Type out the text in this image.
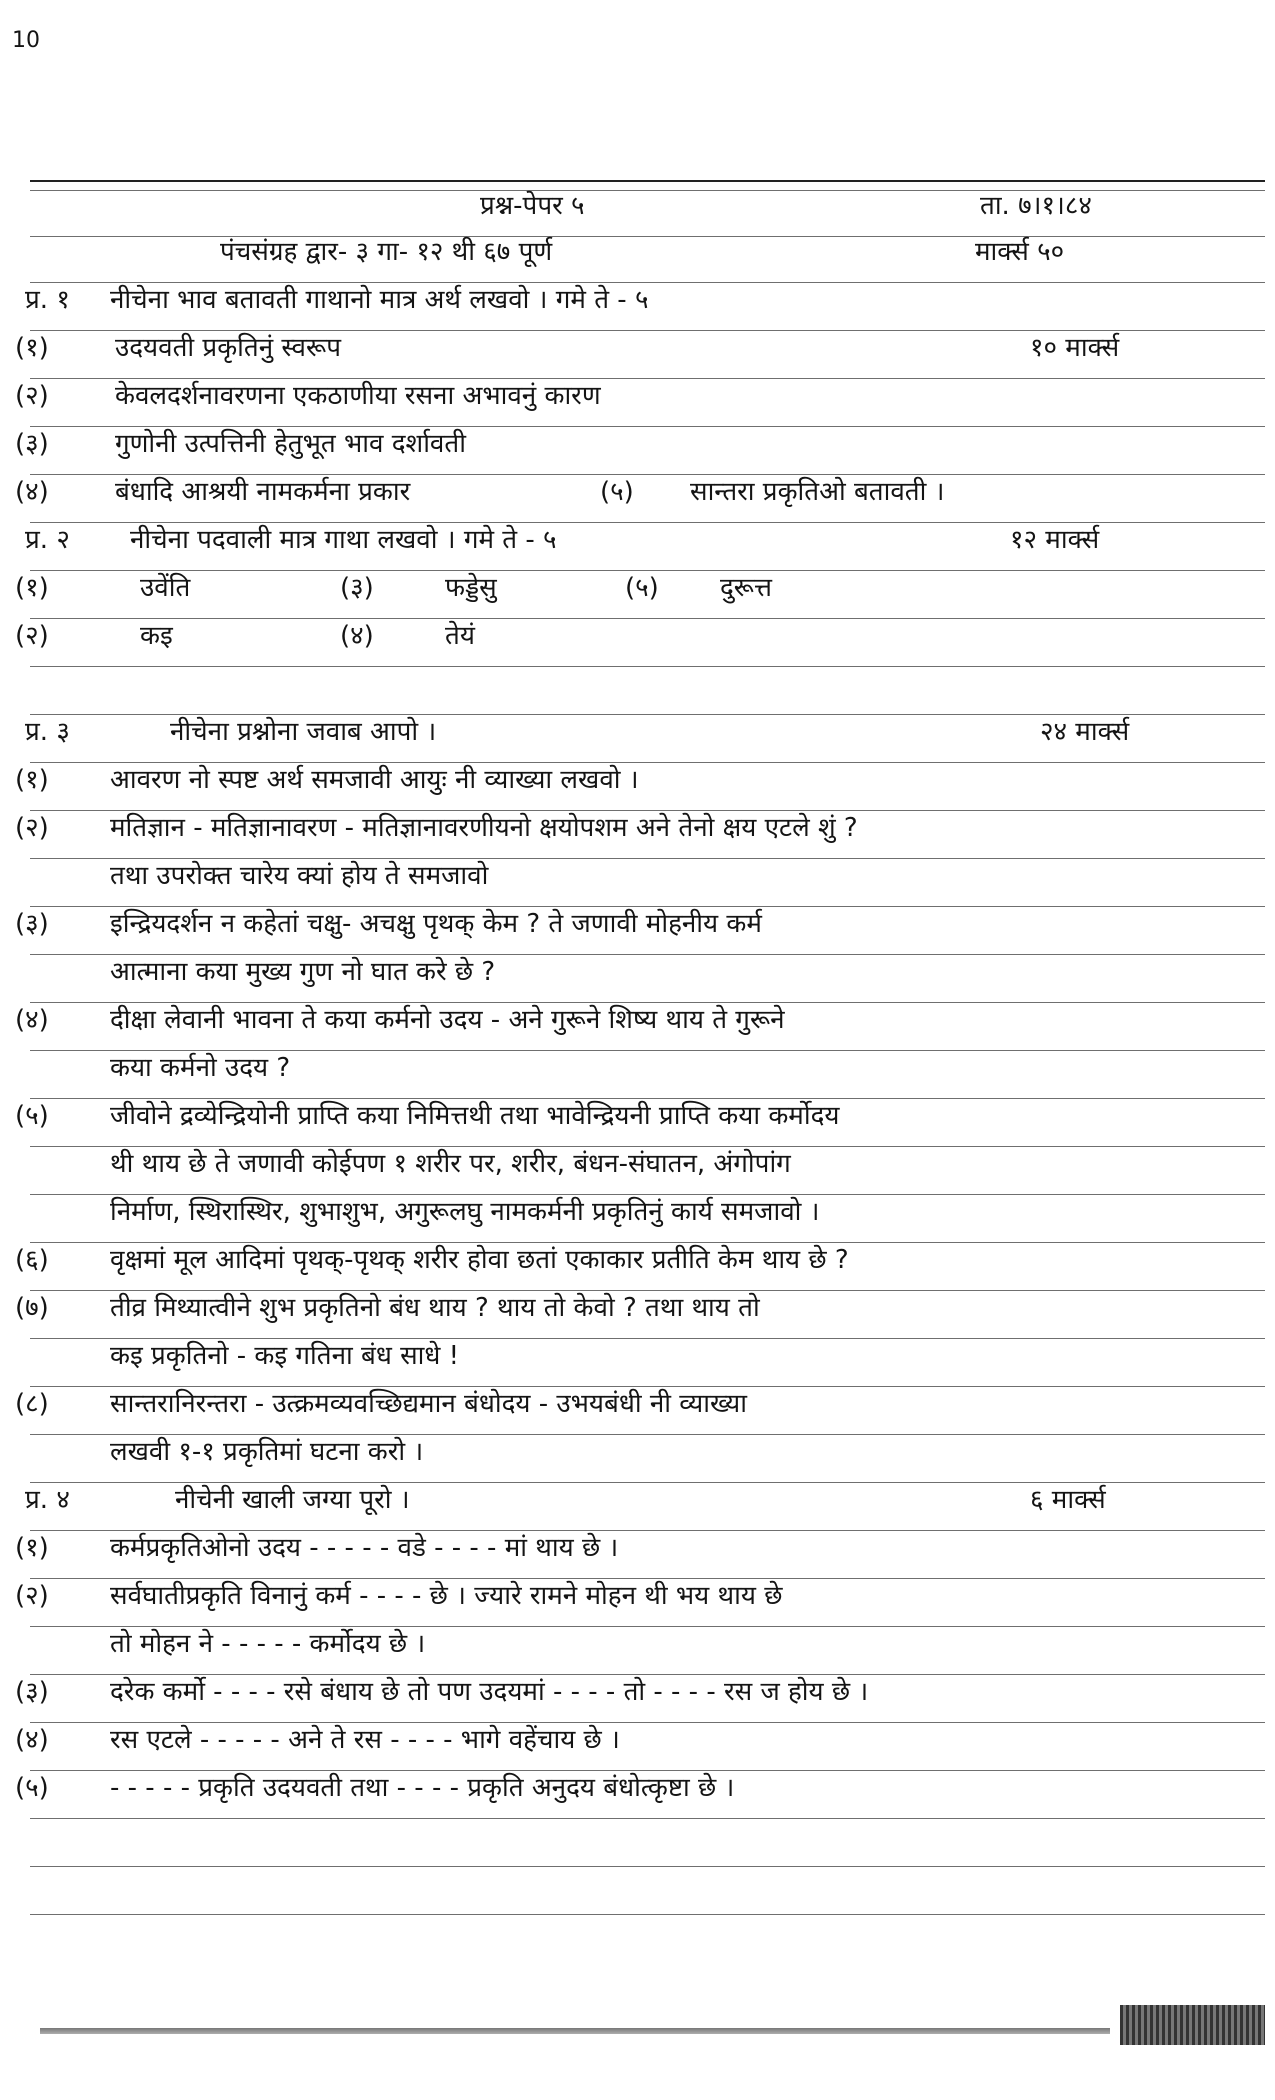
10
प्रश्न-पेपर ५	ता. ७।१।८४
पंचसंग्रह द्वार- ३ गा- १२ थी ६७ पूर्ण	मार्क्स ५०
प्र. १ नीचेना भाव बतावती गाथानो मात्र अर्थ लखवो । गमे ते - ५
(१)	उदयवती प्रकृतिनुं स्वरूप	१० मार्क्स
(२)	केवलदर्शनावरणना एकठाणीया रसना अभावनुं कारण
(३)	गुणोनी उत्पत्तिनी हेतुभूत भाव दर्शावती
(४)	बंधादि आश्रयी नामकर्मना प्रकार	(५) सान्तरा प्रकृतिओ बतावती ।
प्र. २ नीचेना पदवाली मात्र गाथा लखवो । गमे ते - ५	१२ मार्क्स
(१)	उवेंति	(३)	फड्डेसु	(५) दुरूत्त
(२)	कइ	(४)	तेयं
प्र. ३	नीचेना प्रश्नोना जवाब आपो ।	२४ मार्क्स
(१) आवरण नो स्पष्ट अर्थ समजावी आयुः नी व्याख्या लखवो ।
(२) मतिज्ञान - मतिज्ञानावरण - मतिज्ञानावरणीयनो क्षयोपशम अने तेनो क्षय एटले शुं ?
तथा उपरोक्त चारेय क्यां होय ते समजावो
(३) इन्द्रियदर्शन न कहेतां चक्षु- अचक्षु पृथक् केम ? ते जणावी मोहनीय कर्म
आत्माना कया मुख्य गुण नो घात करे छे ?
(४) दीक्षा लेवानी भावना ते कया कर्मनो उदय - अने गुरूने शिष्य थाय ते गुरूने
कया कर्मनो उदय ?
(५) जीवोने द्रव्येन्द्रियोनी प्राप्ति कया निमित्तथी तथा भावेन्द्रियनी प्राप्ति कया कर्मोदय
थी थाय छे ते जणावी कोईपण १ शरीर पर, शरीर, बंधन-संघातन, अंगोपांग
निर्माण, स्थिरास्थिर, शुभाशुभ, अगुरूलघु नामकर्मनी प्रकृतिनुं कार्य समजावो ।
(६) वृक्षमां मूल आदिमां पृथक्-पृथक् शरीर होवा छतां एकाकार प्रतीति केम थाय छे ?
(७) तीव्र मिथ्यात्वीने शुभ प्रकृतिनो बंध थाय ? थाय तो केवो ? तथा थाय तो
कइ प्रकृतिनो - कइ गतिना बंध साधे !
(८) सान्तरानिरन्तरा - उत्क्रमव्यवच्छिद्यमान बंधोदय - उभयबंधी नी व्याख्या
लखवी १-१ प्रकृतिमां घटना करो ।
प्र. ४	नीचेनी खाली जग्या पूरो ।	६ मार्क्स
(१) कर्मप्रकृतिओनो उदय - - - - - वडे - - - - मां थाय छे ।
(२) सर्वघातीप्रकृति विनानुं कर्म - - - - छे । ज्यारे रामने मोहन थी भय थाय छे
तो मोहन ने - - - - - कर्मोदय छे ।
(३) दरेक कर्मो - - - - रसे बंधाय छे तो पण उदयमां - - - - तो - - - - रस ज होय छे ।
(४) रस एटले - - - - - अने ते रस - - - - भागे वहेंचाय छे ।
(५) - - - - - प्रकृति उदयवती तथा - - - - प्रकृति अनुदय बंधोत्कृष्टा छे ।
